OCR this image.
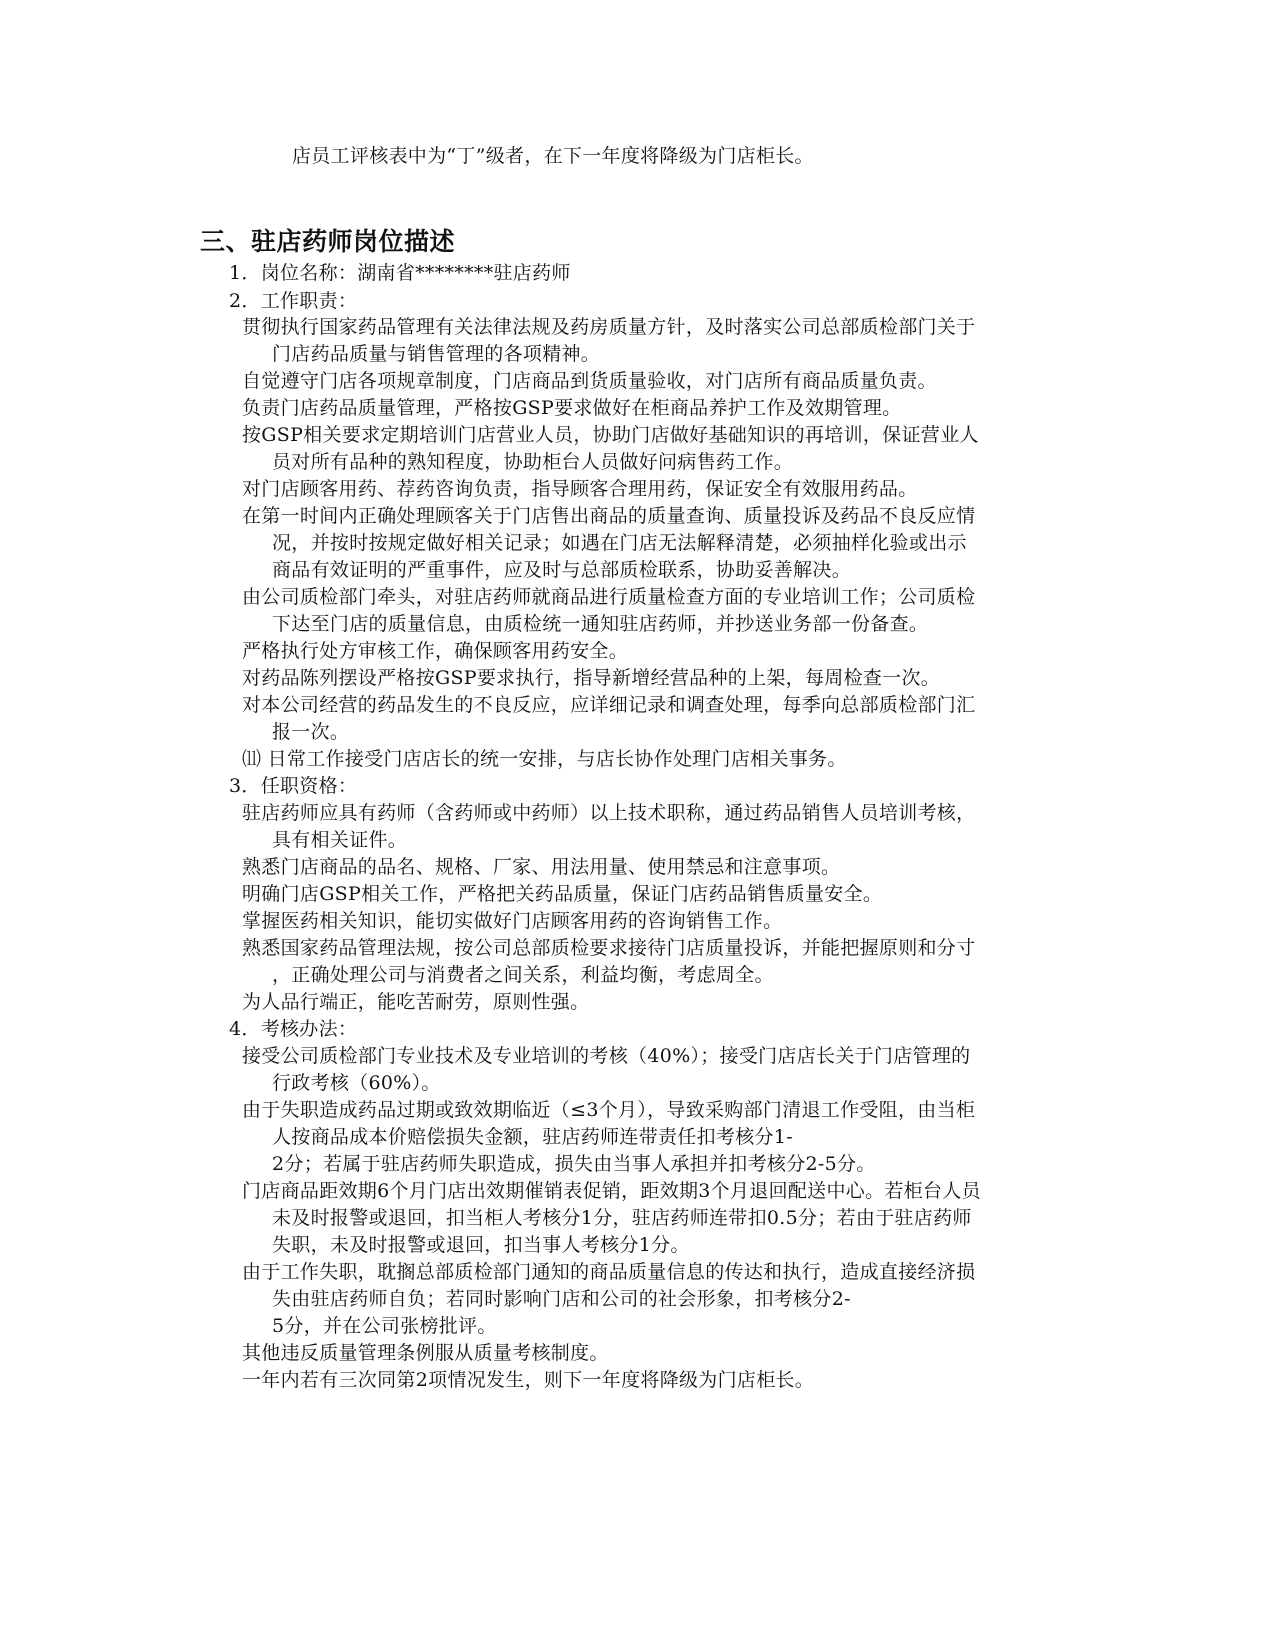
店员工评核表中为“丁”级者，在下一年度将降级为门店柜长。
三、驻店药师岗位描述
1．岗位名称：湖南省********驻店药师
2．工作职责：
贯彻执行国家药品管理有关法律法规及药房质量方针，及时落实公司总部质检部门关于
门店药品质量与销售管理的各项精神。
自觉遵守门店各项规章制度，门店商品到货质量验收，对门店所有商品质量负责。
负责门店药品质量管理，严格按GSP要求做好在柜商品养护工作及效期管理。
按GSP相关要求定期培训门店营业人员，协助门店做好基础知识的再培训，保证营业人
员对所有品种的熟知程度，协助柜台人员做好问病售药工作。
对门店顾客用药、荐药咨询负责，指导顾客合理用药，保证安全有效服用药品。
在第一时间内正确处理顾客关于门店售出商品的质量查询、质量投诉及药品不良反应情
况，并按时按规定做好相关记录；如遇在门店无法解释清楚，必须抽样化验或出示
商品有效证明的严重事件，应及时与总部质检联系，协助妥善解决。
由公司质检部门牵头，对驻店药师就商品进行质量检查方面的专业培训工作；公司质检
下达至门店的质量信息，由质检统一通知驻店药师，并抄送业务部一份备查。
严格执行处方审核工作，确保顾客用药安全。
对药品陈列摆设严格按GSP要求执行，指导新增经营品种的上架，每周检查一次。
对本公司经营的药品发生的不良反应，应详细记录和调查处理，每季向总部质检部门汇
报一次。
⑾ 日常工作接受门店店长的统一安排，与店长协作处理门店相关事务。
3．任职资格：
驻店药师应具有药师（含药师或中药师）以上技术职称，通过药品销售人员培训考核，
具有相关证件。
熟悉门店商品的品名、规格、厂家、用法用量、使用禁忌和注意事项。
明确门店GSP相关工作，严格把关药品质量，保证门店药品销售质量安全。
掌握医药相关知识，能切实做好门店顾客用药的咨询销售工作。
熟悉国家药品管理法规，按公司总部质检要求接待门店质量投诉，并能把握原则和分寸
，正确处理公司与消费者之间关系，利益均衡，考虑周全。
为人品行端正，能吃苦耐劳，原则性强。
4．考核办法：
接受公司质检部门专业技术及专业培训的考核（40%）；接受门店店长关于门店管理的
行政考核（60%）。
由于失职造成药品过期或致效期临近（≤3个月），导致采购部门清退工作受阻，由当柜
人按商品成本价赔偿损失金额，驻店药师连带责任扣考核分1-
2分；若属于驻店药师失职造成，损失由当事人承担并扣考核分2-5分。
门店商品距效期6个月门店出效期催销表促销，距效期3个月退回配送中心。若柜台人员
未及时报警或退回，扣当柜人考核分1分，驻店药师连带扣0.5分；若由于驻店药师
失职，未及时报警或退回，扣当事人考核分1分。
由于工作失职，耽搁总部质检部门通知的商品质量信息的传达和执行，造成直接经济损
失由驻店药师自负；若同时影响门店和公司的社会形象，扣考核分2-
5分，并在公司张榜批评。
其他违反质量管理条例服从质量考核制度。
一年内若有三次同第2项情况发生，则下一年度将降级为门店柜长。
